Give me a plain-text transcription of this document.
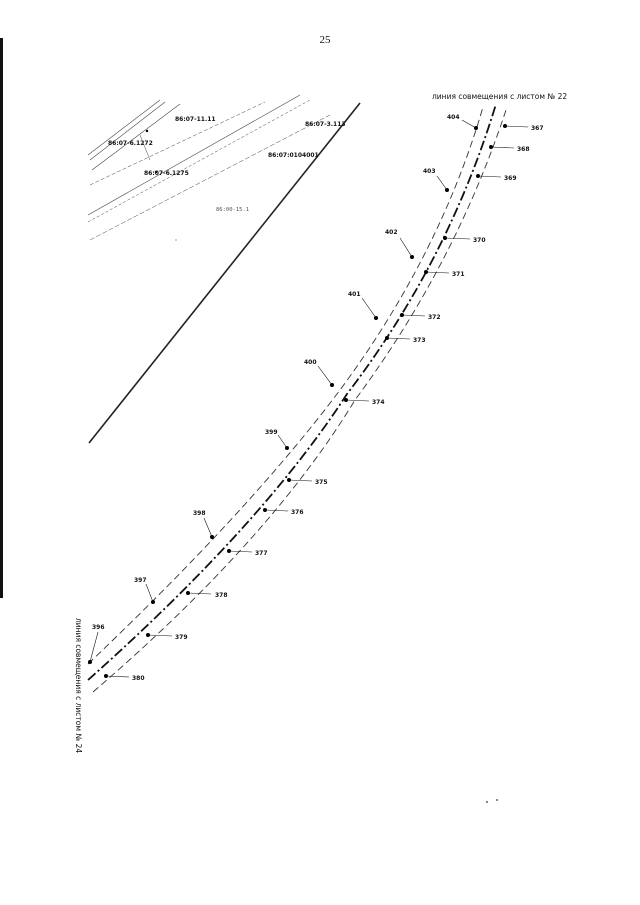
25
86:07-11.11
86:07-6.1272
86:07-6.1275
86:07-3.113
86:07:0104001
86:00-15.1
404
403
402
401
400
399
398
397
396
367
368
369
370
371
372
373
374
375
376
377
378
379
380
линия совмещения с листом № 22
линия совмещения с листом № 24
